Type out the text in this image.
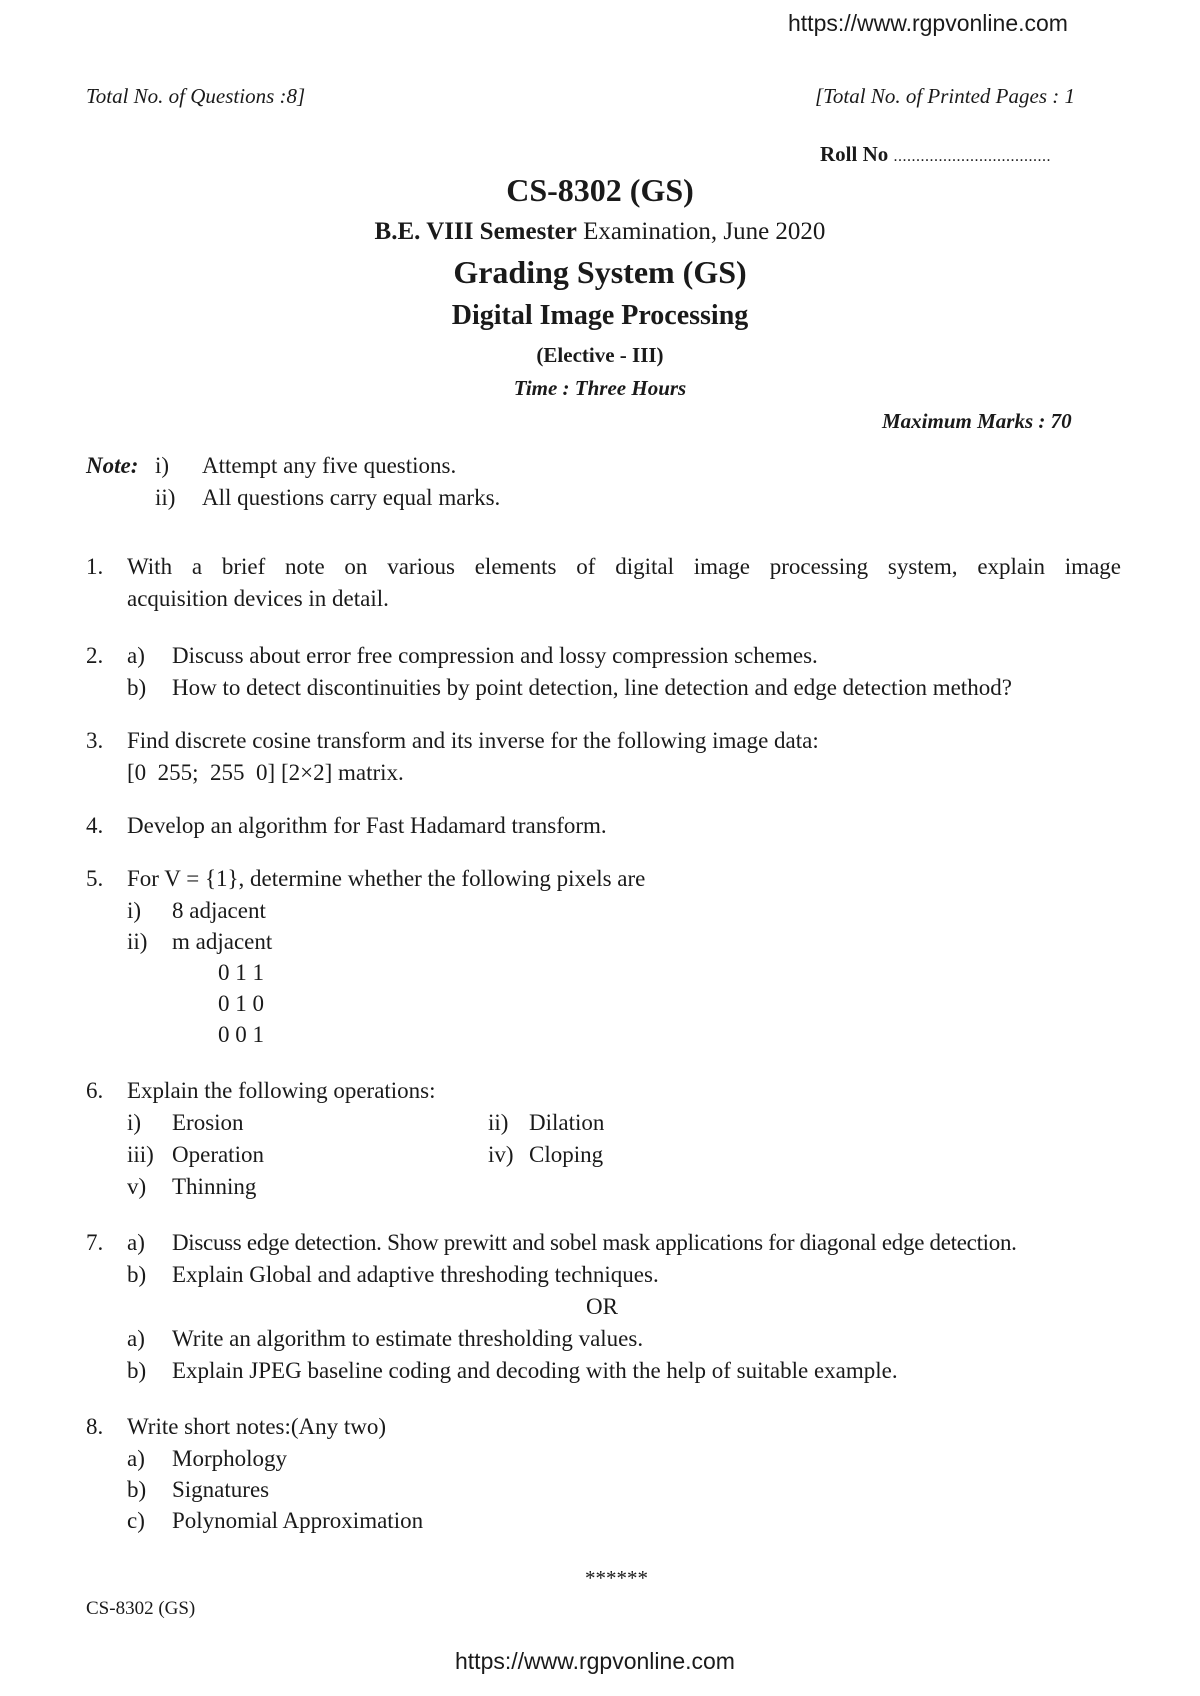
https://www.rgpvonline.com
Total No. of Questions :8]	[Total No. of Printed Pages : 1
Roll No ...................................
CS-8302 (GS)
B.E. VIII Semester Examination, June 2020
Grading System (GS)
Digital Image Processing
(Elective - III)
Time : Three Hours
Maximum Marks : 70
Note: i) Attempt any five questions.
ii) All questions carry equal marks.
1. With a brief note on various elements of digital image processing system, explain image
acquisition devices in detail.
2. a) Discuss about error free compression and lossy compression schemes.
b) How to detect discontinuities by point detection, line detection and edge detection method?
3. Find discrete cosine transform and its inverse for the following image data:
[0  255;  255  0] [2×2] matrix.
4. Develop an algorithm for Fast Hadamard transform.
5. For V = {1}, determine whether the following pixels are
i) 8 adjacent
ii) m adjacent
0 1 1
0 1 0
0 0 1
6. Explain the following operations:
i) Erosion	ii) Dilation
iii) Operation	iv) Cloping
v) Thinning
7. a) Discuss edge detection. Show prewitt and sobel mask applications for diagonal edge detection.
b) Explain Global and adaptive threshoding techniques.
OR
a) Write an algorithm to estimate thresholding values.
b) Explain JPEG baseline coding and decoding with the help of suitable example.
8. Write short notes:(Any two)
a) Morphology
b) Signatures
c) Polynomial Approximation
******
CS-8302 (GS)
https://www.rgpvonline.com
